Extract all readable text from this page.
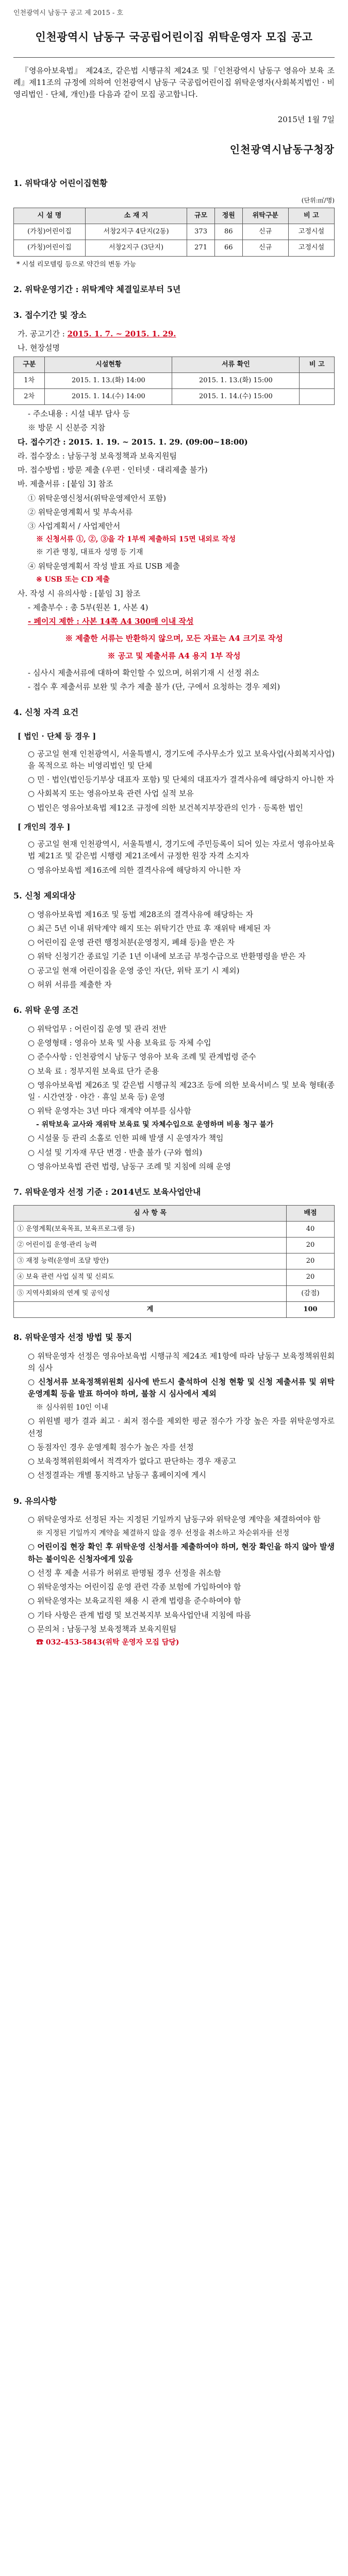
인천광역시 남동구 공고 제 2015 - 호
인천광역시 남동구 국공립어린이집 위탁운영자 모집 공고

『영유아보육법』 제24조, 같은법 시행규칙 제24조 및『인천광역시 남동구 영유아 보육 조례』제11조의 규정에 의하여 인천광역시 남동구 국공립어린이집 위탁운영자(사회복지법인 · 비영리법인 · 단체, 개인)를 다음과 같이 모집 공고합니다.

2015년 1월 7일
인천광역시남동구청장
1. 위탁대상 어린이집현황
(단위:㎡/명)
시 설 명	소 재 지	규모	정원	위탁구분	비 고
(가칭)어린이집	서창2지구 4단지(2동)	373	86	신규	고정시설
(가칭)어린이집	서창2지구 (3단지)	271	66	신규	고정시설
* 시설 리모델링 등으로 약간의 변동 가능
2. 위탁운영기간 : 위탁계약 체결일로부터 5년
3. 접수기간 및 장소
가. 공고기간 : 2015. 1. 7. ~ 2015. 1. 29.
나. 현장설명
구분	시설현황	서류 확인	비 고
1차	2015. 1. 13.(화) 14:00	2015. 1. 13.(화) 15:00	
2차	2015. 1. 14.(수) 14:00	2015. 1. 14.(수) 15:00	
- 주소내용 : 시설 내부 답사 등
※ 방문 시 신분증 지참
다. 접수기간 : 2015. 1. 19. ~ 2015. 1. 29. (09:00~18:00)
라. 접수장소 : 남동구청 보육정책과 보육지원팀
마. 접수방법 : 방문 제출 (우편 · 인터넷 · 대리제출 불가)
바. 제출서류 : [붙임 3] 참조
① 위탁운영신청서(위탁운영제안서 포함)
② 위탁운영계획서 및 부속서류
③ 사업계획서 / 사업제안서
※ 신청서류 ①, ②, ③을 각 1부씩 제출하되 15면 내외로 작성
※ 기관 명칭, 대표자 성명 등 기재
④ 위탁운영계획서 작성 발표 자료 USB 제출
※ USB 또는 CD 제출
사. 작성 시 유의사항 : [붙임 3] 참조
- 제출부수 : 총 5부(원본 1, 사본 4)
- 페이지 제한 : 사본 14쪽 A4 300매 이내 작성
※ 제출한 서류는 반환하지 않으며, 모든 자료는 A4 크기로 작성
※ 공고 및 제출서류 A4 용지 1부 작성
- 심사시 제출서류에 대하여 확인할 수 있으며, 허위기재 시 선정 취소
- 접수 후 제출서류 보완 및 추가 제출 불가 (단, 구에서 요청하는 경우 제외)
4. 신청 자격 요건
[ 법인 · 단체 등 경우 ]
○ 공고일 현재 인천광역시, 서울특별시, 경기도에 주사무소가 있고 보육사업(사회복지사업)을 목적으로 하는 비영리법인 및 단체
○ 민 · 법인(법인등기부상 대표자 포함) 및 단체의 대표자가 결격사유에 해당하지 아니한 자
○ 사회복지 또는 영유아보육 관련 사업 실적 보유
○ 법인은 영유아보육법 제12조 규정에 의한 보건복지부장관의 인가 · 등록한 법인
[ 개인의 경우 ]
○ 공고일 현재 인천광역시, 서울특별시, 경기도에 주민등록이 되어 있는 자로서 영유아보육법 제21조 및 같은법 시행령 제21조에서 규정한 원장 자격 소지자
○ 영유아보육법 제16조에 의한 결격사유에 해당하지 아니한 자
5. 신청 제외대상
○ 영유아보육법 제16조 및 동법 제28조의 결격사유에 해당하는 자
○ 최근 5년 이내 위탁계약 해지 또는 위탁기간 만료 후 재위탁 배제된 자
○ 어린이집 운영 관련 행정처분(운영정지, 폐쇄 등)을 받은 자
○ 위탁 신청기간 종료일 기준 1년 이내에 보조금 부정수급으로 반환명령을 받은 자
○ 공고일 현재 어린이집을 운영 중인 자(단, 위탁 포기 시 제외)
○ 허위 서류를 제출한 자
6. 위탁 운영 조건
○ 위탁업무 : 어린이집 운영 및 관리 전반
○ 운영형태 : 영유아 보육 및 사용 보육료 등 자체 수입
○ 준수사항 : 인천광역시 남동구 영유아 보육 조례 및 관계법령 준수
○ 보육 료 : 정부지원 보육료 단가 준용
○ 영유아보육법 제26조 및 같은법 시행규칙 제23조 등에 의한 보육서비스 및 보육 형태(종일 · 시간연장 · 야간 · 휴일 보육 등) 운영
○ 위탁 운영자는 3년 마다 재계약 여부를 심사함
- 위탁보육 교사와 재위탁 보육료 및 자체수입으로 운영하며 비용 청구 불가
○ 시설물 등 관리 소홀로 인한 피해 발생 시 운영자가 책임
○ 시설 및 기자재 무단 변경 · 반출 불가 (구와 협의)
○ 영유아보육법 관련 법령, 남동구 조례 및 지침에 의해 운영
7. 위탁운영자 선정 기준 : 2014년도 보육사업안내
심 사 항 목	배점
① 운영계획(보육목표, 보육프로그램 등)	40
② 어린이집 운영·관리 능력	20
③ 재정 능력(운영비 조달 방안)	20
④ 보육 관련 사업 실적 및 신뢰도	20
⑤ 지역사회와의 연계 및 공익성	(감점)
계	100
8. 위탁운영자 선정 방법 및 통지
○ 위탁운영자 선정은 영유아보육법 시행규칙 제24조 제1항에 따라 남동구 보육정책위원회의 심사
○ 신청서류 보육정책위원회 심사에 반드시 출석하여 신청 현황 및 신청 제출서류 및 위탁운영계획 등을 발표 하여야 하며, 불참 시 심사에서 제외
※ 심사위원 10인 이내
○ 위원별 평가 결과 최고 · 최저 점수를 제외한 평균 점수가 가장 높은 자를 위탁운영자로 선정
○ 동점자인 경우 운영계획 점수가 높은 자를 선정
○ 보육정책위원회에서 적격자가 없다고 판단하는 경우 재공고
○ 선정결과는 개별 통지하고 남동구 홈페이지에 게시
9. 유의사항
○ 위탁운영자로 선정된 자는 지정된 기일까지 남동구와 위탁운영 계약을 체결하여야 함
※ 지정된 기일까지 계약을 체결하지 않을 경우 선정을 취소하고 차순위자를 선정
○ 어린이집 현장 확인 후 위탁운영 신청서를 제출하여야 하며, 현장 확인을 하지 않아 발생하는 불이익은 신청자에게 있음
○ 선정 후 제출 서류가 허위로 판명될 경우 선정을 취소함
○ 위탁운영자는 어린이집 운영 관련 각종 보험에 가입하여야 함
○ 위탁운영자는 보육교직원 채용 시 관계 법령을 준수하여야 함
○ 기타 사항은 관계 법령 및 보건복지부 보육사업안내 지침에 따름
○ 문의처 : 남동구청 보육정책과 보육지원팀
☎ 032-453-5843(위탁 운영자 모집 담당)
